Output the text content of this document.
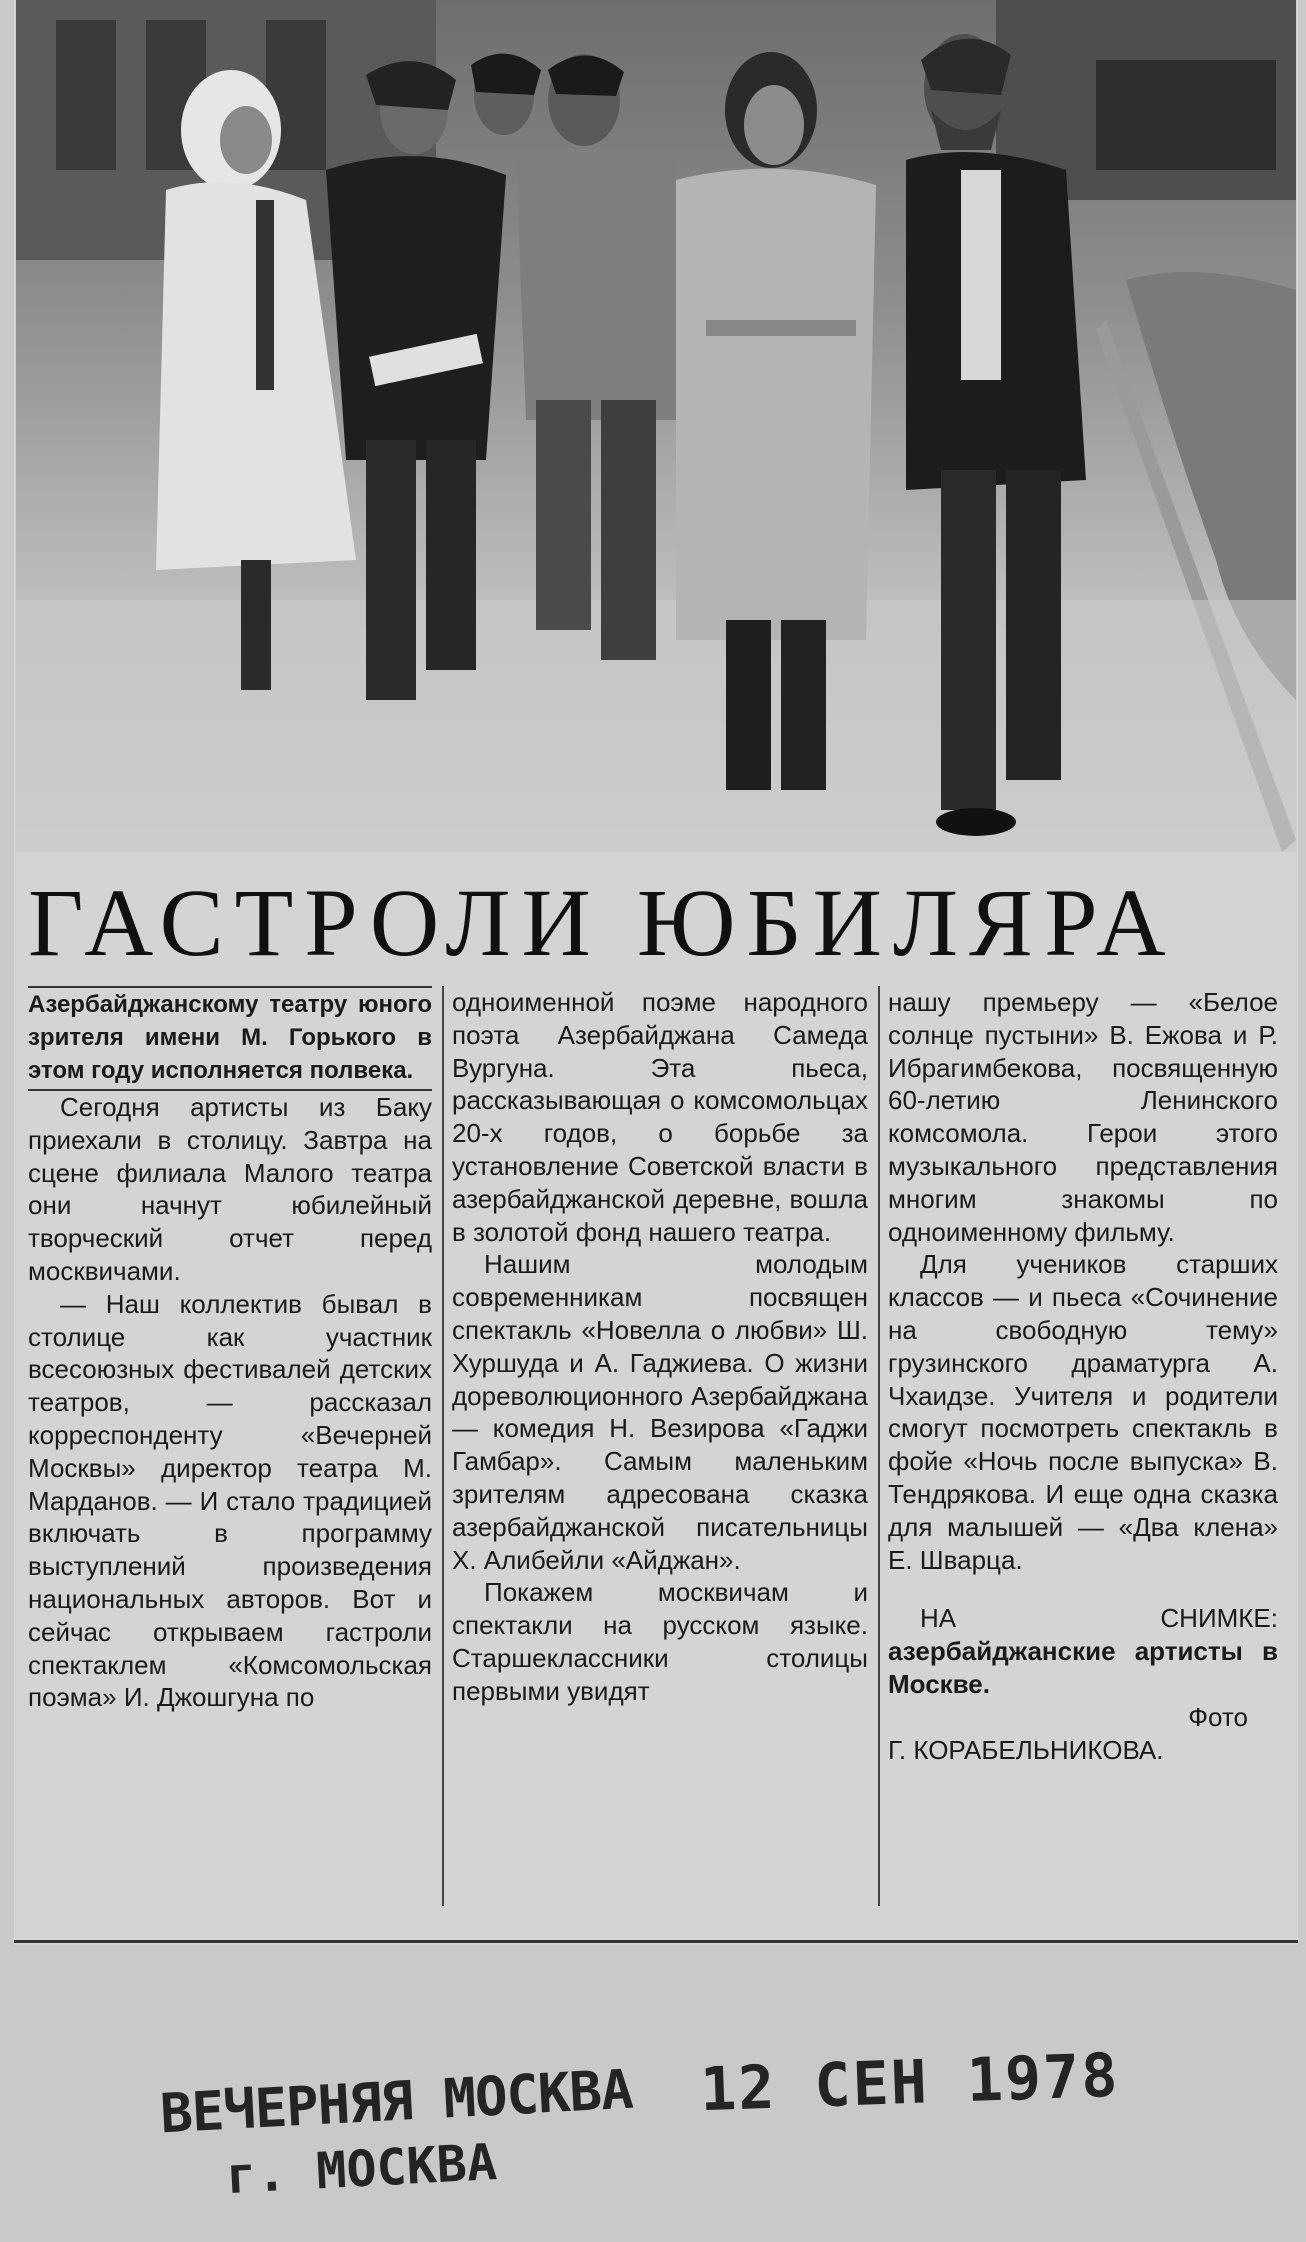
ГАСТРОЛИ ЮБИЛЯРА

Азербайджанскому театру юного зрителя имени М. Горького в этом году исполняется полвека.

Сегодня артисты из Баку приехали в столицу. Завтра на сцене филиала Малого театра они начнут юбилейный творческий отчет перед москвичами.

— Наш коллектив бывал в столице как участник всесоюзных фестивалей детских театров, — рассказал корреспонденту «Вечерней Москвы» директор театра М. Марданов. — И стало традицией включать в программу выступлений произведения национальных авторов. Вот и сейчас открываем гастроли спектаклем «Комсомольская поэма» И. Джошгуна по

одноименной поэме народного поэта Азербайджана Самеда Вургуна. Эта пьеса, рассказывающая о комсомольцах 20-х годов, о борьбе за установление Советской власти в азербайджанской деревне, вошла в золотой фонд нашего театра.

Нашим молодым современникам посвящен спектакль «Новелла о любви» Ш. Хуршуда и А. Гаджиева. О жизни дореволюционного Азербайджана — комедия Н. Везирова «Гаджи Гамбар». Самым маленьким зрителям адресована сказка азербайджанской писательницы Х. Алибейли «Айджан».

Покажем москвичам и спектакли на русском языке. Старшеклассники столицы первыми увидят

нашу премьеру — «Белое солнце пустыни» В. Ежова и Р. Ибрагимбекова, посвященную 60-летию Ленинского комсомола. Герои этого музыкального представления многим знакомы по одноименному фильму.

Для учеников старших классов — и пьеса «Сочинение на свободную тему» грузинского драматурга А. Чхаидзе. Учителя и родители смогут посмотреть спектакль в фойе «Ночь после выпуска» В. Тендрякова. И еще одна сказка для малышей — «Два клена» Е. Шварца.

НА СНИМКЕ: азербайджанские артисты в Москве.

Фото

Г. КОРАБЕЛЬНИКОВА.

ВЕЧЕРНЯЯ МОСКВА
г. МОСКВА
12 СЕН 1978
